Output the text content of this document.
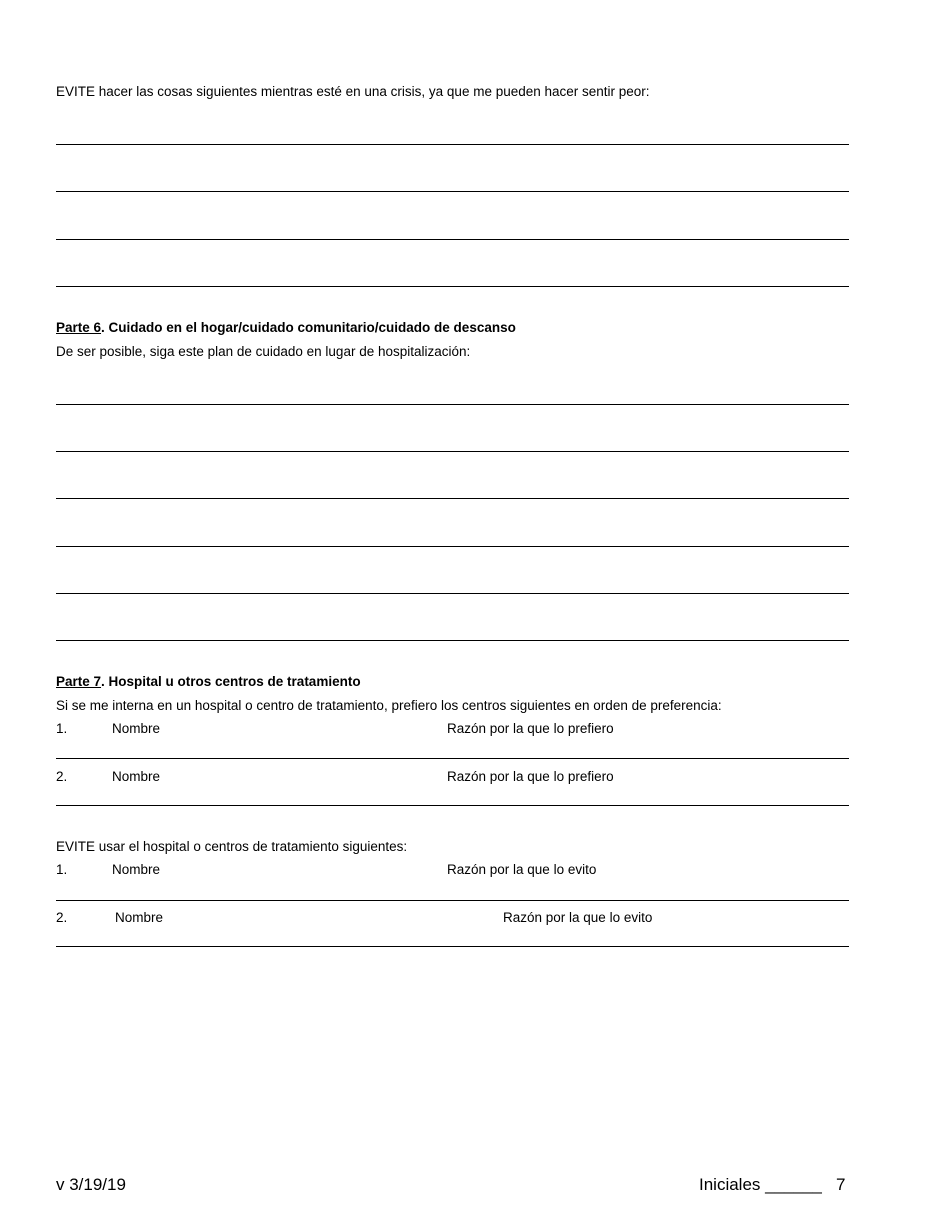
EVITE hacer las cosas siguientes mientras esté en una crisis, ya que me pueden hacer sentir peor:
Parte 6. Cuidado en el hogar/cuidado comunitario/cuidado de descanso
De ser posible, siga este plan de cuidado en lugar de hospitalización:
Parte 7. Hospital u otros centros de tratamiento
Si se me interna en un hospital o centro de tratamiento, prefiero los centros siguientes en orden de preferencia:
1.	Nombre	Razón por la que lo prefiero
2.	Nombre	Razón por la que lo prefiero
EVITE usar el hospital o centros de tratamiento siguientes:
1.	Nombre	Razón por la que lo evito
2.	Nombre	Razón por la que lo evito
v 3/19/19	Iniciales ______ 7
